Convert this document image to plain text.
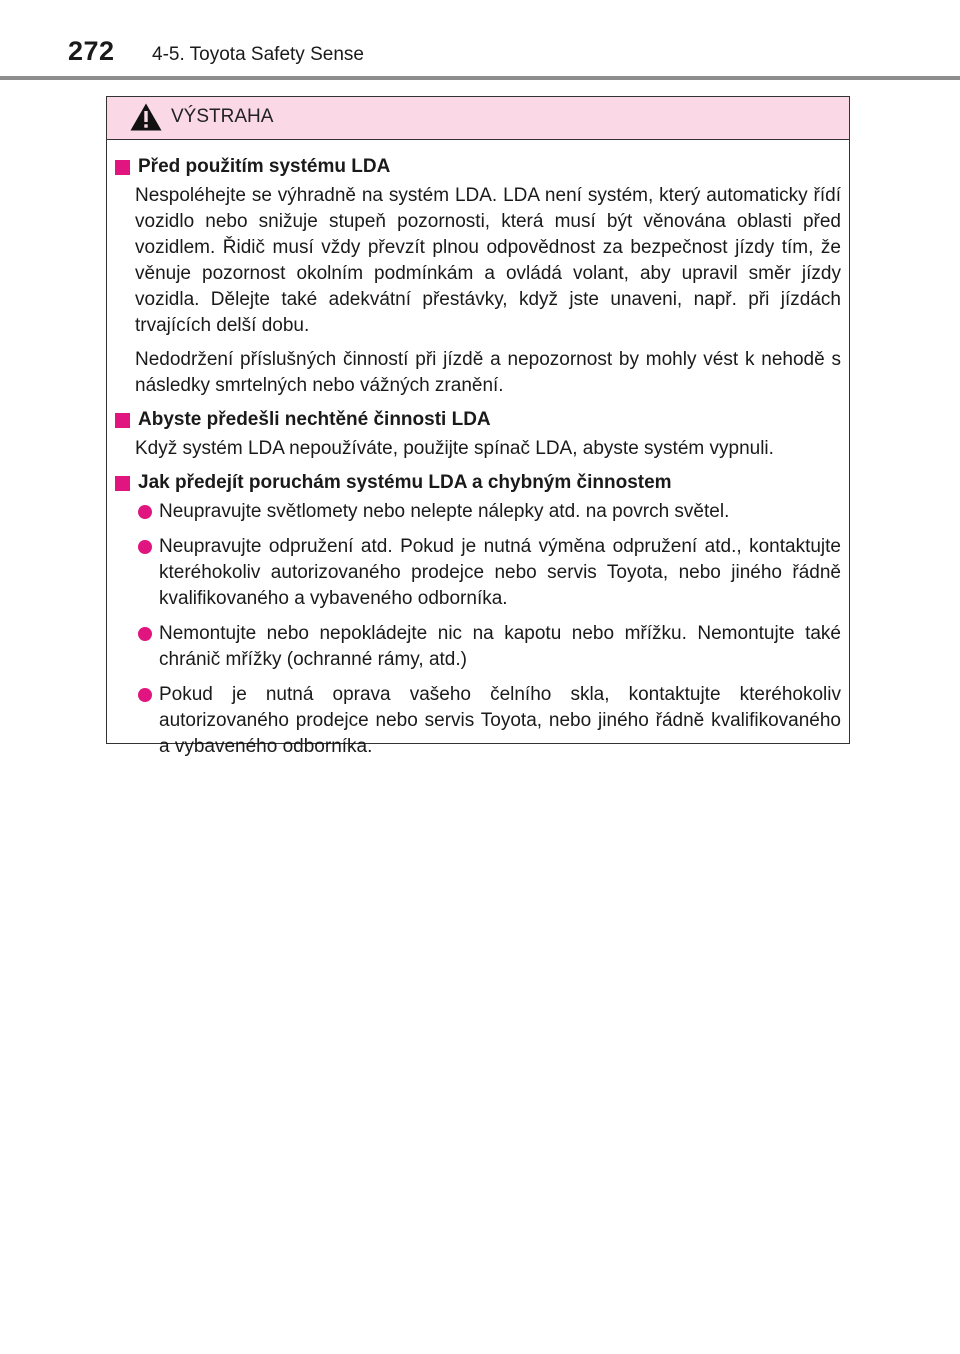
272 4-5. Toyota Safety Sense
VÝSTRAHA
Před použitím systému LDA
Nespoléhejte se výhradně na systém LDA. LDA není systém, který automaticky řídí vozidlo nebo snižuje stupeň pozornosti, která musí být věnována oblasti před vozidlem. Řidič musí vždy převzít plnou odpovědnost za bezpečnost jízdy tím, že věnuje pozornost okolním podmínkám a ovládá volant, aby upravil směr jízdy vozidla. Dělejte také adekvátní přestávky, když jste unaveni, např. při jízdách trvajících delší dobu.
Nedodržení příslušných činností při jízdě a nepozornost by mohly vést k nehodě s následky smrtelných nebo vážných zranění.
Abyste předešli nechtěné činnosti LDA
Když systém LDA nepoužíváte, použijte spínač LDA, abyste systém vypnuli.
Jak předejít poruchám systému LDA a chybným činnostem
Neupravujte světlomety nebo nelepte nálepky atd. na povrch světel.
Neupravujte odpružení atd. Pokud je nutná výměna odpružení atd., kontaktujte kteréhokoliv autorizovaného prodejce nebo servis Toyota, nebo jiného řádně kvalifikovaného a vybaveného odborníka.
Nemontujte nebo nepokládejte nic na kapotu nebo mřížku. Nemontujte také chránič mřížky (ochranné rámy, atd.)
Pokud je nutná oprava vašeho čelního skla, kontaktujte kteréhokoliv autorizovaného prodejce nebo servis Toyota, nebo jiného řádně kvalifikovaného a vybaveného odborníka.
